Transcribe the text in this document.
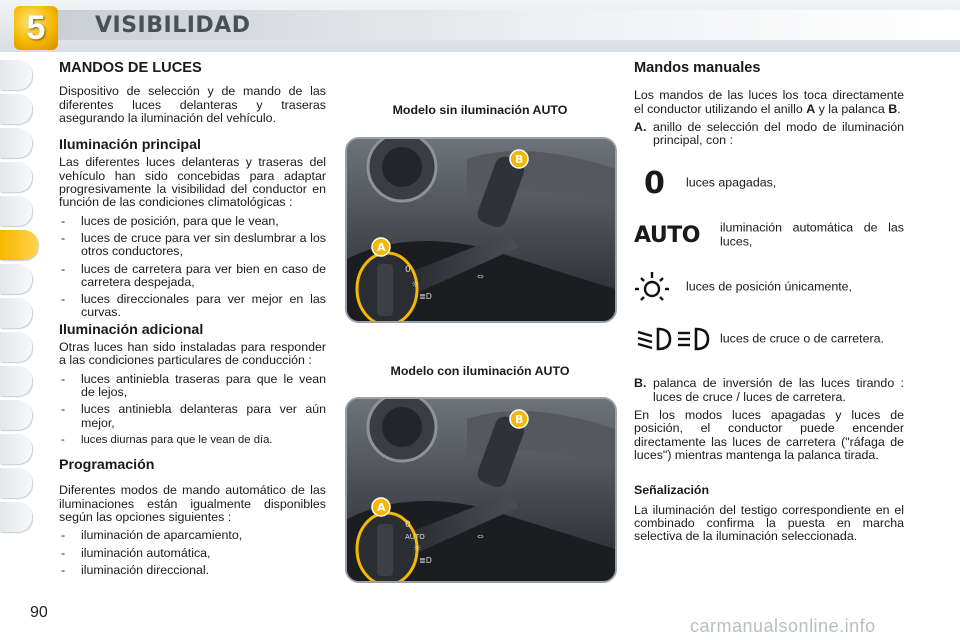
5	VISIBILIDAD
MANDOS DE LUCES

Dispositivo de selección y de mando de las diferentes luces delanteras y traseras asegurando la iluminación del vehículo.

Iluminación principal

Las diferentes luces delanteras y traseras del vehículo han sido concebidas para adaptar progresivamente la visibilidad del conductor en función de las condiciones climatológicas :

- luces de posición, para que le vean,
- luces de cruce para ver sin deslumbrar a los otros conductores,
- luces de carretera para ver bien en caso de carretera despejada,
- luces direccionales para ver mejor en las curvas.
Iluminación adicional

Otras luces han sido instaladas para responder a las condiciones particulares de conducción :

- luces antiniebla traseras para que le vean de lejos,
- luces antiniebla delanteras para ver aún mejor,
- luces diurnas para que le vean de día.
Programación

Diferentes modos de mando automático de las iluminaciones están igualmente disponibles según las opciones siguientes :

- iluminación de aparcamiento,
- iluminación automática,
- iluminación direccional.
Modelo sin iluminación AUTO
0
☼
≣D
⇔
B
A
Modelo con iluminación AUTO
0
AUTO
☼
≣D
⇔
B
A
Mandos manuales

Los mandos de las luces los toca directamente el conductor utilizando el anillo A y la palanca B.

A. anillo de selección del modo de iluminación principal, con :
0 luces apagadas,
AUTO iluminación automática de las luces,
luces de posición únicamente,
luces de cruce o de carretera.
B. palanca de inversión de las luces tirando : luces de cruce / luces de carretera.

En los modos luces apagadas y luces de posición, el conductor puede encender directamente las luces de carretera ("ráfaga de luces") mientras mantenga la palanca tirada.

Señalización

La iluminación del testigo correspondiente en el combinado confirma la puesta en marcha selectiva de la iluminación seleccionada.

90
carmanualsonline.info
